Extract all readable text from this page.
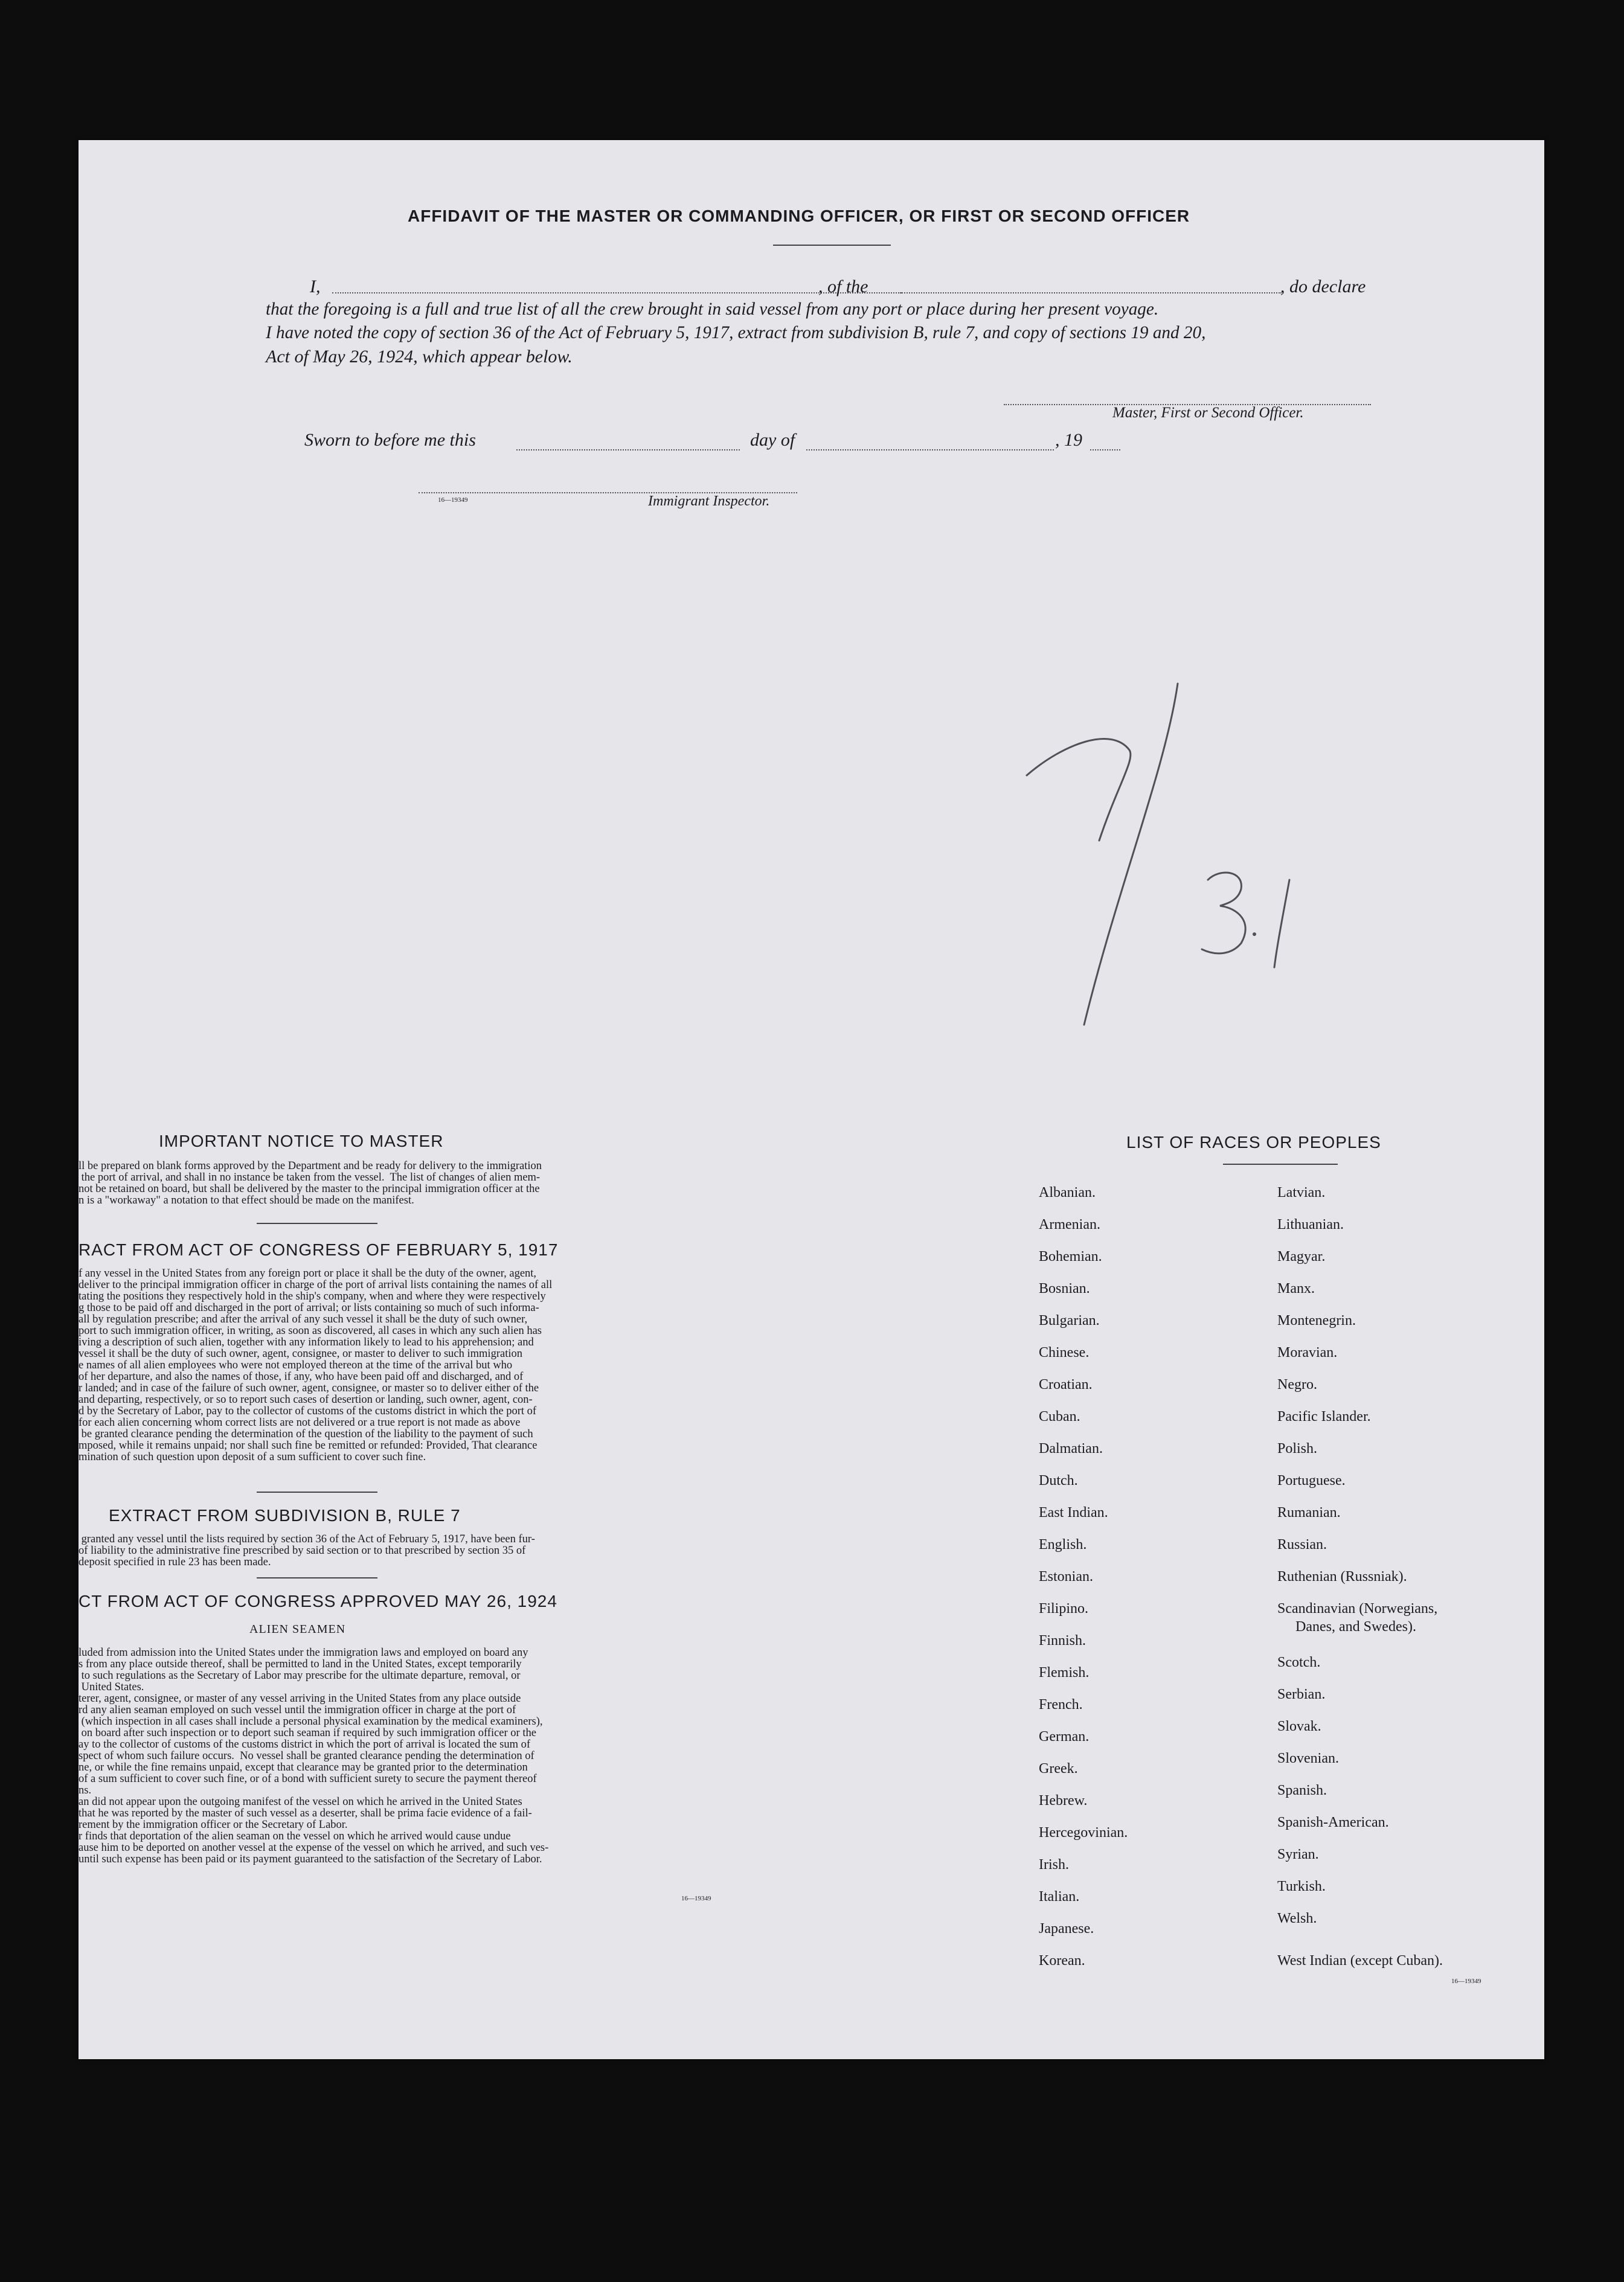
AFFIDAVIT OF THE MASTER OR COMMANDING OFFICER, OR FIRST OR SECOND OFFICER
I,	, of the	, do declare
that the foregoing is a full and true list of all the crew brought in said vessel from any port or place during her present voyage.
I have noted the copy of section 36 of the Act of February 5, 1917, extract from subdivision B, rule 7, and copy of sections 19 and 20,
Act of May 26, 1924, which appear below.
Master, First or Second Officer.
Sworn to before me this	day of	, 19
16—19349	Immigrant Inspector.
IMPORTANT NOTICE TO MASTER
ll be prepared on blank forms approved by the Department and be ready for delivery to the immigration
the port of arrival, and shall in no instance be taken from the vessel.  The list of changes of alien mem-
not be retained on board, but shall be delivered by the master to the principal immigration officer at the
n is a "workaway" a notation to that effect should be made on the manifest.
RACT FROM ACT OF CONGRESS OF FEBRUARY 5, 1917
f any vessel in the United States from any foreign port or place it shall be the duty of the owner, agent,
deliver to the principal immigration officer in charge of the port of arrival lists containing the names of all
tating the positions they respectively hold in the ship's company, when and where they were respectively
g those to be paid off and discharged in the port of arrival; or lists containing so much of such informa-
all by regulation prescribe; and after the arrival of any such vessel it shall be the duty of such owner,
port to such immigration officer, in writing, as soon as discovered, all cases in which any such alien has
iving a description of such alien, together with any information likely to lead to his apprehension; and
vessel it shall be the duty of such owner, agent, consignee, or master to deliver to such immigration
e names of all alien employees who were not employed thereon at the time of the arrival but who
of her departure, and also the names of those, if any, who have been paid off and discharged, and of
r landed; and in case of the failure of such owner, agent, consignee, or master so to deliver either of the
and departing, respectively, or so to report such cases of desertion or landing, such owner, agent, con-
d by the Secretary of Labor, pay to the collector of customs of the customs district in which the port of
for each alien concerning whom correct lists are not delivered or a true report is not made as above
be granted clearance pending the determination of the question of the liability to the payment of such
mposed, while it remains unpaid; nor shall such fine be remitted or refunded: Provided, That clearance
mination of such question upon deposit of a sum sufficient to cover such fine.
EXTRACT FROM SUBDIVISION B, RULE 7
granted any vessel until the lists required by section 36 of the Act of February 5, 1917, have been fur-
of liability to the administrative fine prescribed by said section or to that prescribed by section 35 of
deposit specified in rule 23 has been made.
CT FROM ACT OF CONGRESS APPROVED MAY 26, 1924
ALIEN SEAMEN
luded from admission into the United States under the immigration laws and employed on board any
s from any place outside thereof, shall be permitted to land in the United States, except temporarily
to such regulations as the Secretary of Labor may prescribe for the ultimate departure, removal, or
United States.
terer, agent, consignee, or master of any vessel arriving in the United States from any place outside
rd any alien seaman employed on such vessel until the immigration officer in charge at the port of
(which inspection in all cases shall include a personal physical examination by the medical examiners),
on board after such inspection or to deport such seaman if required by such immigration officer or the
ay to the collector of customs of the customs district in which the port of arrival is located the sum of
spect of whom such failure occurs.  No vessel shall be granted clearance pending the determination of
ne, or while the fine remains unpaid, except that clearance may be granted prior to the determination
of a sum sufficient to cover such fine, or of a bond with sufficient surety to secure the payment thereof
ns.
an did not appear upon the outgoing manifest of the vessel on which he arrived in the United States
that he was reported by the master of such vessel as a deserter, shall be prima facie evidence of a fail-
rement by the immigration officer or the Secretary of Labor.
r finds that deportation of the alien seaman on the vessel on which he arrived would cause undue
ause him to be deported on another vessel at the expense of the vessel on which he arrived, and such ves-
until such expense has been paid or its payment guaranteed to the satisfaction of the Secretary of Labor.
16—19349
LIST OF RACES OR PEOPLES
Albanian.
Armenian.
Bohemian.
Bosnian.
Bulgarian.
Chinese.
Croatian.
Cuban.
Dalmatian.
Dutch.
East Indian.
English.
Estonian.
Filipino.
Finnish.
Flemish.
French.
German.
Greek.
Hebrew.
Hercegovinian.
Irish.
Italian.
Japanese.
Korean.
Latvian.
Lithuanian.
Magyar.
Manx.
Montenegrin.
Moravian.
Negro.
Pacific Islander.
Polish.
Portuguese.
Rumanian.
Russian.
Ruthenian (Russniak).
Scandinavian (Norwegians,
Danes, and Swedes).
Scotch.
Serbian.
Slovak.
Slovenian.
Spanish.
Spanish-American.
Syrian.
Turkish.
Welsh.
West Indian (except Cuban).
16—19349
